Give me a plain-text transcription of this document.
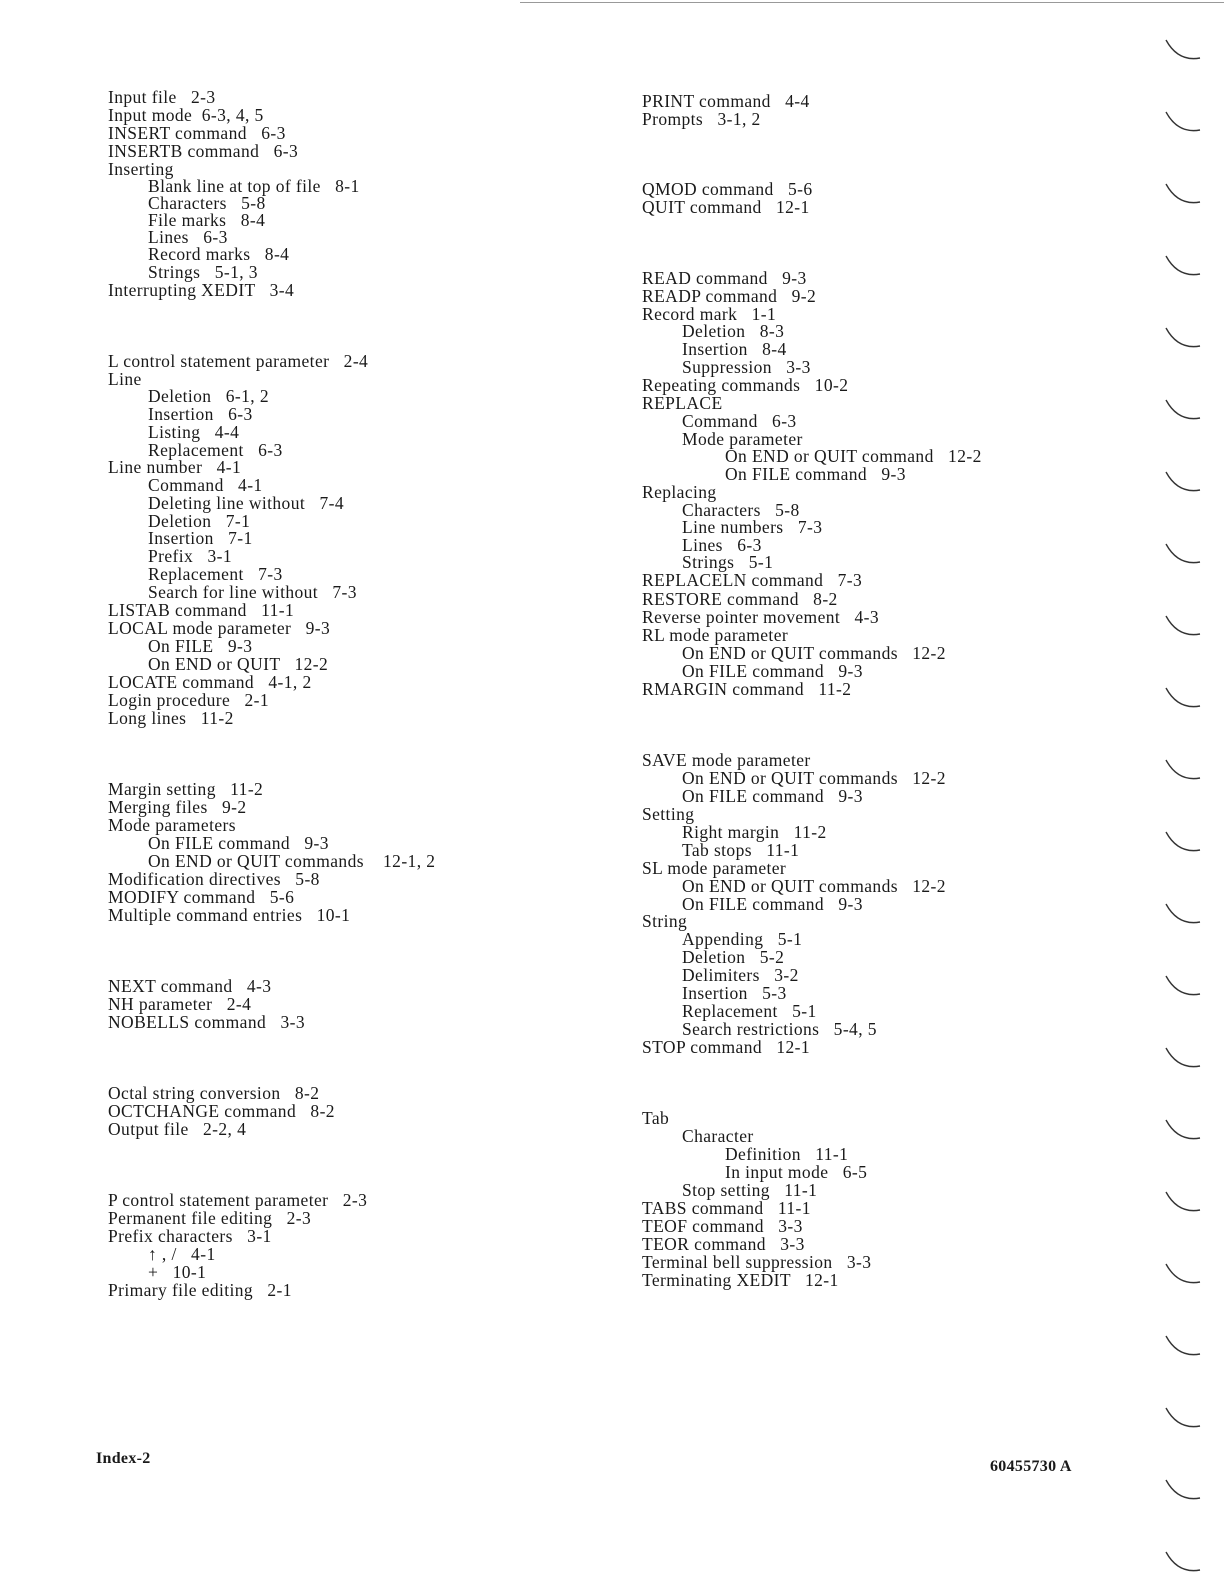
Input file   2-3
Input mode  6-3, 4, 5
INSERT command   6-3
INSERTB command   6-3
Inserting
Blank line at top of file   8-1
Characters   5-8
File marks   8-4
Lines   6-3
Record marks   8-4
Strings   5-1, 3
Interrupting XEDIT   3-4
L control statement parameter   2-4
Line
Deletion   6-1, 2
Insertion   6-3
Listing   4-4
Replacement   6-3
Line number   4-1
Command   4-1
Deleting line without   7-4
Deletion   7-1
Insertion   7-1
Prefix   3-1
Replacement   7-3
Search for line without   7-3
LISTAB command   11-1
LOCAL mode parameter   9-3
On FILE   9-3
On END or QUIT   12-2
LOCATE command   4-1, 2
Login procedure   2-1
Long lines   11-2
Margin setting   11-2
Merging files   9-2
Mode parameters
On FILE command   9-3
On END or QUIT commands    12-1, 2
Modification directives   5-8
MODIFY command   5-6
Multiple command entries   10-1
NEXT command   4-3
NH parameter   2-4
NOBELLS command   3-3
Octal string conversion   8-2
OCTCHANGE command   8-2
Output file   2-2, 4
P control statement parameter   2-3
Permanent file editing   2-3
Prefix characters   3-1
↑ , /   4-1
+   10-1
Primary file editing   2-1
PRINT command   4-4
Prompts   3-1, 2
QMOD command   5-6
QUIT command   12-1
READ command   9-3
READP command   9-2
Record mark   1-1
Deletion   8-3
Insertion   8-4
Suppression   3-3
Repeating commands   10-2
REPLACE
Command   6-3
Mode parameter
On END or QUIT command   12-2
On FILE command   9-3
Replacing
Characters   5-8
Line numbers   7-3
Lines   6-3
Strings   5-1
REPLACELN command   7-3
RESTORE command   8-2
Reverse pointer movement   4-3
RL mode parameter
On END or QUIT commands   12-2
On FILE command   9-3
RMARGIN command   11-2
SAVE mode parameter
On END or QUIT commands   12-2
On FILE command   9-3
Setting
Right margin   11-2
Tab stops   11-1
SL mode parameter
On END or QUIT commands   12-2
On FILE command   9-3
String
Appending   5-1
Deletion   5-2
Delimiters   3-2
Insertion   5-3
Replacement   5-1
Search restrictions   5-4, 5
STOP command   12-1
Tab
Character
Definition   11-1
In input mode   6-5
Stop setting   11-1
TABS command   11-1
TEOF command   3-3
TEOR command   3-3
Terminal bell suppression   3-3
Terminating XEDIT   12-1
Index-2	60455730 A
